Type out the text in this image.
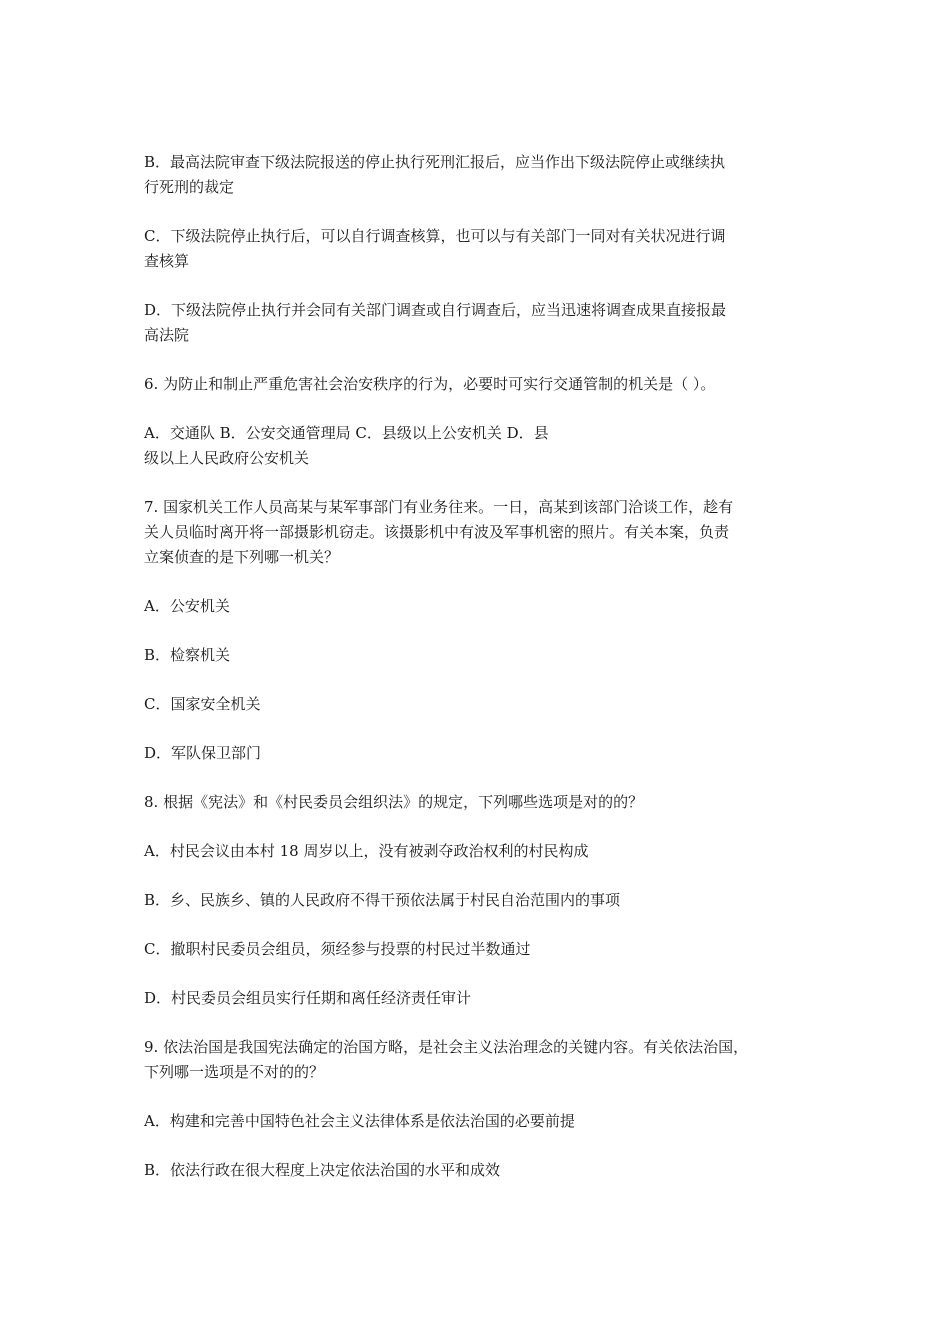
B．最高法院审查下级法院报送的停止执行死刑汇报后，应当作出下级法院停止或继续执
行死刑的裁定

C．下级法院停止执行后，可以自行调查核算，也可以与有关部门一同对有关状况进行调
查核算

D．下级法院停止执行并会同有关部门调查或自行调查后，应当迅速将调查成果直接报最
高法院

6. 为防止和制止严重危害社会治安秩序的行为，必要时可实行交通管制的机关是（ ）。

A．交通队 B．公安交通管理局 C．县级以上公安机关 D．县
级以上人民政府公安机关

7. 国家机关工作人员高某与某军事部门有业务往来。一日，高某到该部门洽谈工作，趁有
关人员临时离开将一部摄影机窃走。该摄影机中有波及军事机密的照片。有关本案，负责
立案侦查的是下列哪一机关？

A．公安机关

B．检察机关

C．国家安全机关

D．军队保卫部门

8. 根据《宪法》和《村民委员会组织法》的规定，下列哪些选项是对的的？

A．村民会议由本村 18 周岁以上，没有被剥夺政治权利的村民构成

B．乡、民族乡、镇的人民政府不得干预依法属于村民自治范围内的事项

C．撤职村民委员会组员，须经参与投票的村民过半数通过

D．村民委员会组员实行任期和离任经济责任审计

9. 依法治国是我国宪法确定的治国方略，是社会主义法治理念的关键内容。有关依法治国，
下列哪一选项是不对的的？

A．构建和完善中国特色社会主义法律体系是依法治国的必要前提

B．依法行政在很大程度上决定依法治国的水平和成效
